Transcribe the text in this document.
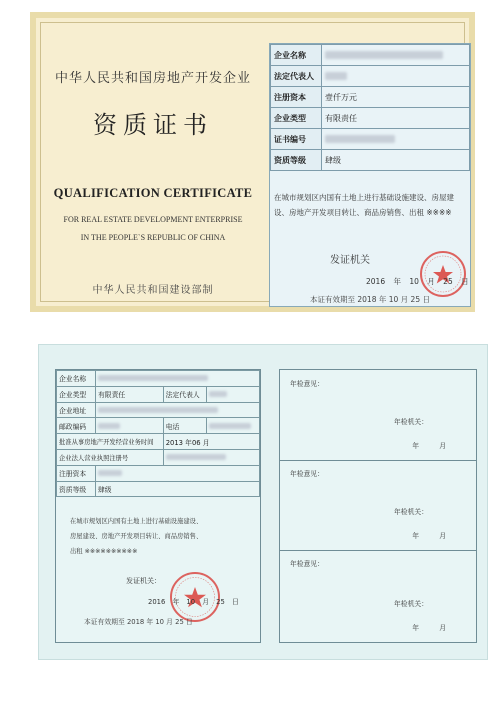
中华人民共和国房地产开发企业
资质证书
QUALIFICATION CERTIFICATE
FOR REAL ESTATE DEVELOPMENT ENTERPRISE
IN THE PEOPLE`S REPUBLIC OF CHINA
中华人民共和国建设部制
企业名称	
法定代表人	
注册资本	壹仟万元
企业类型	有限责任
证书编号	
资质等级	肆级
在城市规划区内国有土地上进行基础设施建设、房屋建设、房地产开发项目转让、商品房销售、出租 ※※※※
发证机关
2016 年 10 月 25 日
本证有效期至 2018 年 10 月 25 日
企业名称			
企业类型	有限责任	法定代表人	
企业地址			
邮政编码		电话	
批准从事房地产开发经营业务时间		2013 年06 月	
企业法人营业执照注册号			
注册资本			
资质等级	肆级		
在城市规划区内国有土地上进行基础设施建设、
房屋建设、房地产开发项目转让、商品房销售、
出租 ※※※※※※※※※※
发证机关：
2016 年 10 月 25 日
本证有效期至 2018 年 10 月 25 日
年检意见：
年检机关：
年 月
年检意见：
年检机关：
年 月
年检意见：
年检机关：
年 月
